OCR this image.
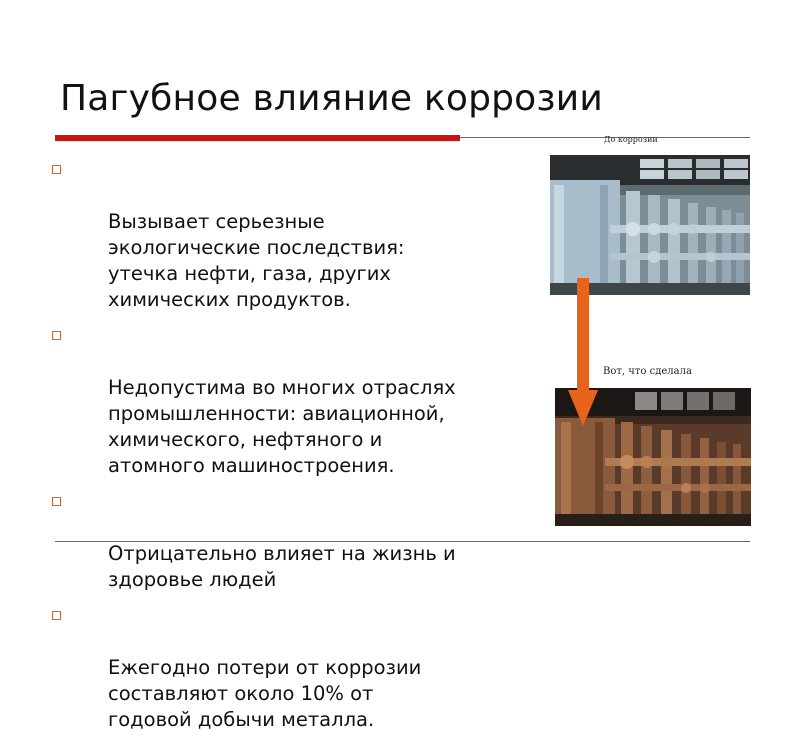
Пагубное влияние коррозии

Вызывает серьезные
экологические последствия:
утечка нефти, газа, других
химических продуктов.

Недопустима во многих отраслях
промышленности: авиационной,
химического, нефтяного и
атомного машиностроения.

Отрицательно влияет на жизнь и
здоровье людей

Ежегодно потери от коррозии
составляют около 10% от
годовой добычи металла.

До коррозии
Вот, что сделала
